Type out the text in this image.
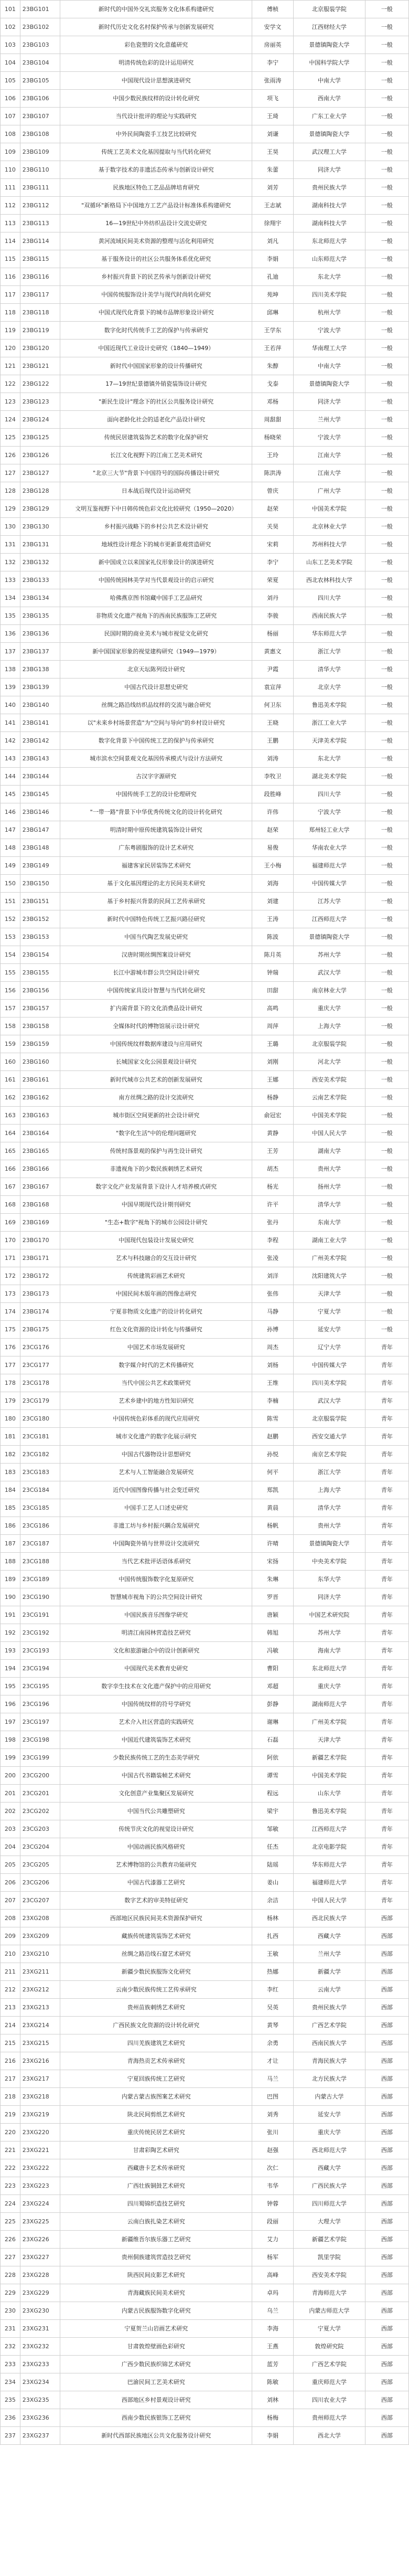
101	23BG101	新时代的中国外交礼宾服务文化体系构建研究	傅桢	北京服装学院	一般
102	23BG102	新时代历史文化名村保护传承与创新发展研究	安学文	江西财经大学	一般
103	23BG103	彩色瓷塑的文化意蕴研究	房丽英	景德镇陶瓷大学	一般
104	23BG104	明清传统色彩的设计运用研究	李宁	中国科学院大学	一般
105	23BG105	中国现代设计思想演进研究	张雨涛	中南大学	一般
106	23BG106	中国少数民族纹样的设计转化研究	项飞	西南大学	一般
107	23BG107	当代设计批评的理论与实践研究	王琦	广东工业大学	一般
108	23BG108	中外民间陶瓷手工技艺比较研究	刘谦	景德镇陶瓷大学	一般
109	23BG109	传统工艺美术文化基因提取与当代转化研究	王昊	武汉理工大学	一般
110	23BG110	基于数字技术的非遗活态传承与创新设计研究	朱蕾	同济大学	一般
111	23BG111	民族地区特色工艺品品牌培育研究	刘芳	贵州民族大学	一般
112	23BG112	"双循环"新格局下中国地方工艺产品设计标准体系构建研究	王志斌	湖南科技大学	一般
113	23BG113	16—19世纪中外纺织品设计交流史研究	徐翔宇	湖南科技大学	一般
114	23BG114	黄河流域民间美术资源的整理与活化利用研究	刘凡	东北师范大学	一般
115	23BG115	基于服务设计的社区公共服务体系优化研究	李娟	山东师范大学	一般
116	23BG116	乡村振兴背景下的民艺传承与创新设计研究	孔迪	东北大学	一般
117	23BG117	中国传统服饰设计美学与现代时尚转化研究	苑坤	四川美术学院	一般
118	23BG118	中国式现代化背景下的城市品牌形象设计研究	邱琳	杭州大学	一般
119	23BG119	数字化时代传统手工艺的保护与传承研究	王学东	宁波大学	一般
120	23BG120	中国近现代工业设计史研究（1840—1949）	王若萍	华南理工大学	一般
121	23BG121	新时代中国国家形象的设计传播研究	朱醇	中南大学	一般
122	23BG122	17—19世纪景德镇外销瓷装饰设计研究	戈泰	景德镇陶瓷大学	一般
123	23BG123	"新民生设计"理念下的社区公共服务设计研究	邓杨	同济大学	一般
124	23BG124	面向老龄化社会的适老化产品设计研究	周甜甜	兰州大学	一般
125	23BG125	传统民居建筑装饰艺术的数字化保护研究	杨晓荣	宁波大学	一般
126	23BG126	长江文化视野下的江南工艺美术研究	王玲	江南大学	一般
127	23BG127	"北京三大节"背景下中国符号的国际传播设计研究	陈洪涛	江南大学	一般
128	23BG128	日本战后现代设计运动研究	曾庆	广州大学	一般
129	23BG129	文明互鉴视野下中日韩传统色彩文化比较研究（1950—2020）	赵荣	中国美术学院	一般
130	23BG130	乡村振兴战略下的乡村公共艺术设计研究	关昊	北京林业大学	一般
131	23BG131	地域性设计理念下的城市更新景观营造研究	宋莉	苏州科技大学	一般
132	23BG132	新中国成立以来国家礼仪形象设计的演进研究	李宁	山东工艺美术学院	一般
133	23BG133	中国传统园林美学对当代景观设计的启示研究	荣夏	西北农林科技大学	一般
134	23BG134	哈佛燕京图书馆藏中国手工艺品研究	刘丹	四川大学	一般
135	23BG135	非物质文化遗产视角下的西南民族服饰工艺研究	李骏	西南民族大学	一般
136	23BG136	民国时期的商业美术与城市视觉文化研究	杨丽	华东师范大学	一般
137	23BG137	新中国国家形象的视觉建构研究（1949—1979）	黄惠文	浙江大学	一般
138	23BG138	北京天坛陈列设计研究	尹霞	清华大学	一般
139	23BG139	中国古代设计思想史研究	袁宣萍	北京大学	一般
140	23BG140	丝绸之路沿线纺织品纹样的交流与融合研究	何卫东	鲁迅美术学院	一般
141	23BG141	以"未来乡村场景营造"为"空间与导向"的乡村设计研究	王晓	浙江工业大学	一般
142	23BG142	数字化背景下中国传统工艺的保护与传承研究	王鹏	天津美术学院	一般
143	23BG143	城市滨水空间景观文化基因传承模式与设计方法研究	刘涛	东北大学	一般
144	23BG144	古汉字字源研究	李牧卫	湖北美术学院	一般
145	23BG145	中国传统手工艺的设计伦理研究	段胜峰	四川大学	一般
146	23BG146	"一带一路"背景下中华优秀传统文化的设计转化研究	许伟	宁波大学	一般
147	23BG147	明清时期中原传统建筑装饰设计研究	赵荣	郑州轻工业大学	一般
148	23BG148	广东粤剧服饰的设计艺术研究	易俊	华南农业大学	一般
149	23BG149	福建客家民居装饰艺术研究	王小梅	福建师范大学	一般
150	23BG150	基于文化基因理论的北方民间美术研究	刘海	中国传媒大学	一般
151	23BG151	基于乡村振兴背景的民间工艺传承研究	刘建	江苏大学	一般
152	23BG152	新时代中国特色传统工艺振兴路径研究	王涛	江西师范大学	一般
153	23BG153	中国当代陶艺发展史研究	陈波	景德镇陶瓷大学	一般
154	23BG154	汉唐时期丝绸图案设计研究	陈月英	苏州大学	一般
155	23BG155	长江中游城市群公共空间设计研究	钟瑞	武汉大学	一般
156	23BG156	中国传统家具设计智慧与当代转化研究	田甜	南京林业大学	一般
157	23BG157	扩内需背景下的文化消费品设计研究	高鸣	重庆大学	一般
158	23BG158	全媒体时代的博物馆展示设计研究	周萍	上海大学	一般
159	23BG159	中国传统纹样数据库建设与应用研究	王璐	北京服装学院	一般
160	23BG160	长城国家文化公园景观设计研究	刘刚	河北大学	一般
161	23BG161	新时代城市公共艺术的创新发展研究	王娜	西安美术学院	一般
162	23BG162	南方丝绸之路的设计交流研究	杨静	云南艺术学院	一般
163	23BG163	城市街区空间更新的社会设计研究	俞冠宏	中国美术学院	一般
164	23BG164	"数字化生活"中的伦理问题研究	黄静	中国人民大学	一般
165	23BG165	传统村落景观的保护与再生设计研究	王芳	湖南大学	一般
166	23BG166	非遗视角下的少数民族刺绣艺术研究	胡杰	贵州大学	一般
167	23BG167	数字文化产业发展背景下设计人才培养模式研究	杨光	扬州大学	一般
168	23BG168	中国早期现代设计期刊研究	许平	清华大学	一般
169	23BG169	"生态+数字"视角下的城市公园设计研究	张丹	东南大学	一般
170	23BG170	中国现代包装设计发展史研究	李程	湖南工业大学	一般
171	23BG171	艺术与科技融合的交互设计研究	张凌	广州美术学院	一般
172	23BG172	传统建筑彩画艺术研究	刘洋	沈阳建筑大学	一般
173	23BG173	中国民间木版年画的图像志研究	张伟	天津大学	一般
174	23BG174	宁夏非物质文化遗产的设计转化研究	马静	宁夏大学	一般
175	23BG175	红色文化资源的设计转化与传播研究	孙博	延安大学	一般
176	23CG176	中国艺术市场发展研究	周杰	辽宁大学	青年
177	23CG177	数字媒介时代的艺术传播研究	刘杨	中国传媒大学	青年
178	23CG178	当代中国公共艺术政策研究	王维	四川美术学院	青年
179	23CG179	艺术乡建中的地方性知识研究	李楠	武汉大学	青年
180	23CG180	中国传统色彩体系的现代应用研究	陈雪	北京服装学院	青年
181	23CG181	城市文化遗产的数字化展示研究	赵鹏	西安交通大学	青年
182	23CG182	中国古代器物设计思想研究	孙悦	南京艺术学院	青年
183	23CG183	艺术与人工智能融合发展研究	何平	浙江大学	青年
184	23CG184	近代中国图像传播与社会变迁研究	郑凯	上海大学	青年
185	23CG185	中国手工艺人口述史研究	黄晨	清华大学	青年
186	23CG186	非遗工坊与乡村振兴耦合发展研究	杨帆	贵州大学	青年
187	23CG187	中国陶瓷外销与世界设计交流研究	许晴	景德镇陶瓷大学	青年
188	23CG188	当代艺术批评话语体系研究	宋扬	中央美术学院	青年
189	23CG189	中国传统服饰数字化复原研究	朱琳	东华大学	青年
190	23CG190	智慧城市视角下的公共空间设计研究	罗晋	同济大学	青年
191	23CG191	中国民族音乐图像学研究	唐颖	中国艺术研究院	青年
192	23CG192	明清江南园林营造技艺研究	韩旭	苏州大学	青年
193	23CG193	文化和旅游融合中的设计创新研究	冯敏	海南大学	青年
194	23CG194	中国现代美术教育史研究	曹阳	东北师范大学	青年
195	23CG195	数字孪生技术在文化遗产保护中的应用研究	邓超	重庆大学	青年
196	23CG196	中国传统纹样的符号学研究	彭静	湖南师范大学	青年
197	23CG197	艺术介入社区营造的实践研究	谢琳	广州美术学院	青年
198	23CG198	中国近代建筑装饰艺术研究	石磊	天津大学	青年
199	23CG199	少数民族传统工艺的生态美学研究	阿依	新疆艺术学院	青年
200	23CG200	中国古代书籍装帧艺术研究	谭雪	中国美术学院	青年
201	23CG201	文化创意产业集聚区发展研究	程远	山东大学	青年
202	23CG202	中国当代公共雕塑研究	梁宇	鲁迅美术学院	青年
203	23CG203	传统节庆文化的视觉设计研究	邹敏	江西师范大学	青年
204	23CG204	中国动画民族风格研究	任杰	北京电影学院	青年
205	23CG205	艺术博物馆的公共教育功能研究	陆瑶	华东师范大学	青年
206	23CG206	中国古代漆器工艺研究	姜山	福建师范大学	青年
207	23CG207	数字艺术的审美特征研究	余洁	中国人民大学	青年
208	23XG208	西部地区民族民间美术资源保护研究	杨林	西北民族大学	西部
209	23XG209	藏族传统建筑装饰艺术研究	扎西	西藏大学	西部
210	23XG210	丝绸之路沿线石窟艺术研究	王敏	兰州大学	西部
211	23XG211	新疆少数民族服饰文化研究	热娜	新疆大学	西部
212	23XG212	云南少数民族传统工艺传承研究	李红	云南大学	西部
213	23XG213	贵州苗族刺绣艺术研究	吴英	贵州民族大学	西部
214	23XG214	广西民族文化资源的设计转化研究	黄琴	广西艺术学院	西部
215	23XG215	四川羌族建筑艺术研究	余勇	西南民族大学	西部
216	23XG216	青海热贡艺术传承研究	才让	青海民族大学	西部
217	23XG217	宁夏回族传统工艺研究	马兰	北方民族大学	西部
218	23XG218	内蒙古蒙古族图案艺术研究	巴图	内蒙古大学	西部
219	23XG219	陕北民间剪纸艺术研究	刘秀	延安大学	西部
220	23XG220	重庆传统民居艺术研究	张川	重庆大学	西部
221	23XG221	甘肃彩陶艺术研究	赵强	西北师范大学	西部
222	23XG222	西藏唐卡艺术传承研究	次仁	西藏大学	西部
223	23XG223	广西壮族铜鼓艺术研究	韦华	广西民族大学	西部
224	23XG224	四川蜀锦织造技艺研究	钟蓉	四川师范大学	西部
225	23XG225	云南白族扎染艺术研究	段丽	大理大学	西部
226	23XG226	新疆维吾尔族乐器工艺研究	艾力	新疆艺术学院	西部
227	23XG227	贵州侗族建筑营造技艺研究	杨军	凯里学院	西部
228	23XG228	陕西民间皮影艺术研究	高峰	西安美术学院	西部
229	23XG229	青海藏族民间美术研究	卓玛	青海师范大学	西部
230	23XG230	内蒙古民族服饰数字化研究	乌兰	内蒙古师范大学	西部
231	23XG231	宁夏贺兰山岩画艺术研究	李海	宁夏大学	西部
232	23XG232	甘肃敦煌壁画色彩研究	王燕	敦煌研究院	西部
233	23XG233	广西少数民族织锦艺术研究	蓝芳	广西艺术学院	西部
234	23XG234	巴渝民间工艺美术研究	陈敏	重庆师范大学	西部
235	23XG235	西部地区乡村景观设计研究	刘林	四川农业大学	西部
236	23XG236	西南少数民族银饰工艺研究	杨梅	贵州师范大学	西部
237	23XG237	新时代西部民族地区公共文化服务设计研究	李娟	西北大学	西部
